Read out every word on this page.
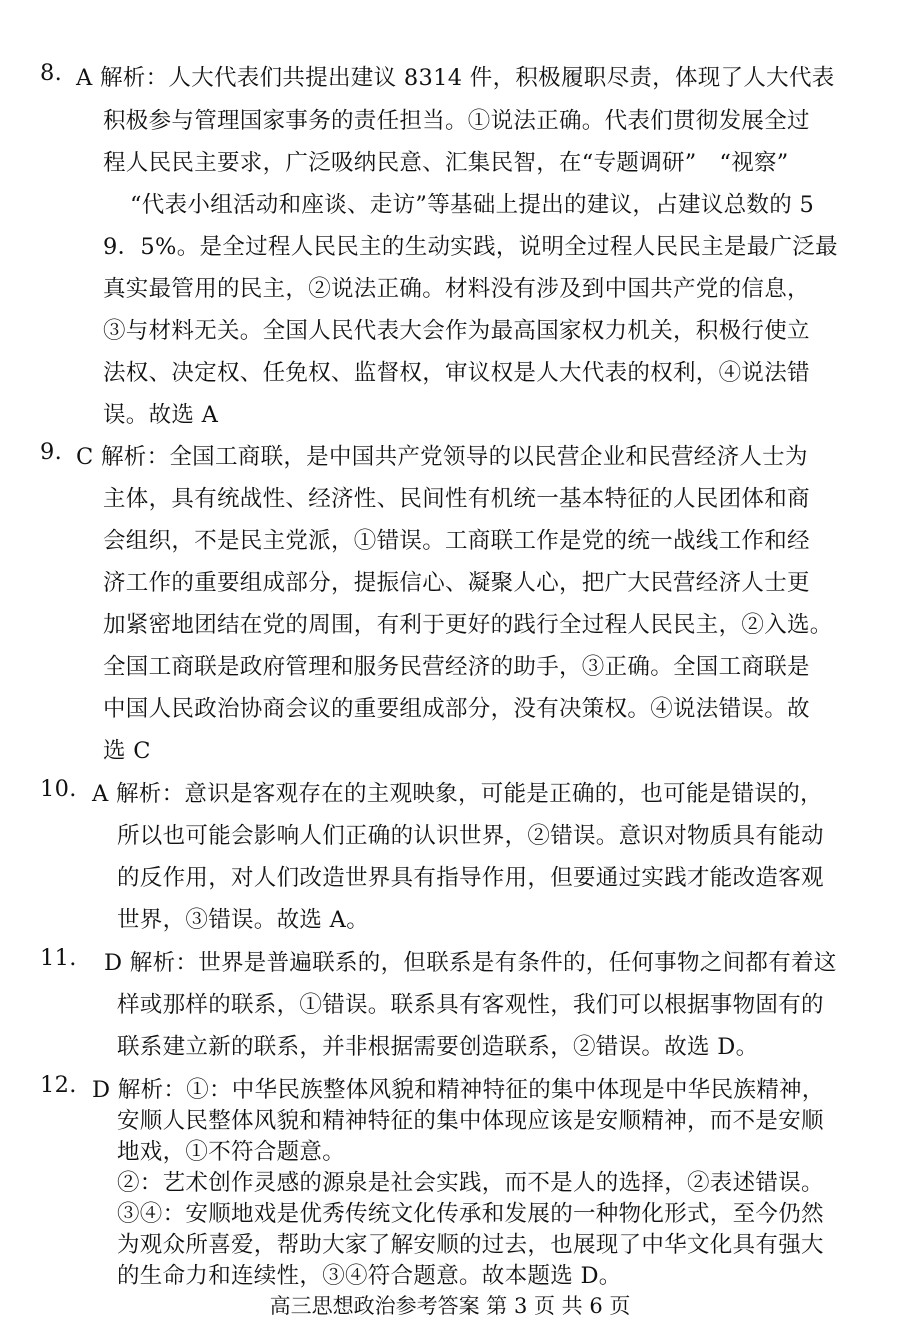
8. A 解析：人大代表们共提出建议 8314 件，积极履职尽责，体现了人大代表
积极参与管理国家事务的责任担当。①说法正确。代表们贯彻发展全过
程人民民主要求，广泛吸纳民意、汇集民智，在“专题调研”　“视察”
“代表小组活动和座谈、走访”等基础上提出的建议，占建议总数的 5
9．5%。是全过程人民民主的生动实践，说明全过程人民民主是最广泛最
真实最管用的民主，②说法正确。材料没有涉及到中国共产党的信息，
③与材料无关。全国人民代表大会作为最高国家权力机关，积极行使立
法权、决定权、任免权、监督权，审议权是人大代表的权利，④说法错
误。故选 A
9. C 解析：全国工商联，是中国共产党领导的以民营企业和民营经济人士为
主体，具有统战性、经济性、民间性有机统一基本特征的人民团体和商
会组织，不是民主党派，①错误。工商联工作是党的统一战线工作和经
济工作的重要组成部分，提振信心、凝聚人心，把广大民营经济人士更
加紧密地团结在党的周围，有利于更好的践行全过程人民民主，②入选。
全国工商联是政府管理和服务民营经济的助手，③正确。全国工商联是
中国人民政治协商会议的重要组成部分，没有决策权。④说法错误。故
选 C
10. A 解析：意识是客观存在的主观映象，可能是正确的，也可能是错误的，
所以也可能会影响人们正确的认识世界，②错误。意识对物质具有能动
的反作用，对人们改造世界具有指导作用，但要通过实践才能改造客观
世界，③错误。故选 A。
11. D 解析：世界是普遍联系的，但联系是有条件的，任何事物之间都有着这
样或那样的联系，①错误。联系具有客观性，我们可以根据事物固有的
联系建立新的联系，并非根据需要创造联系，②错误。故选 D。
12. D 解析：①：中华民族整体风貌和精神特征的集中体现是中华民族精神，
安顺人民整体风貌和精神特征的集中体现应该是安顺精神，而不是安顺
地戏，①不符合题意。
②：艺术创作灵感的源泉是社会实践，而不是人的选择，②表述错误。
③④：安顺地戏是优秀传统文化传承和发展的一种物化形式，至今仍然
为观众所喜爱，帮助大家了解安顺的过去，也展现了中华文化具有强大
的生命力和连续性，③④符合题意。故本题选 D。
高三思想政治参考答案 第 3 页 共 6 页
